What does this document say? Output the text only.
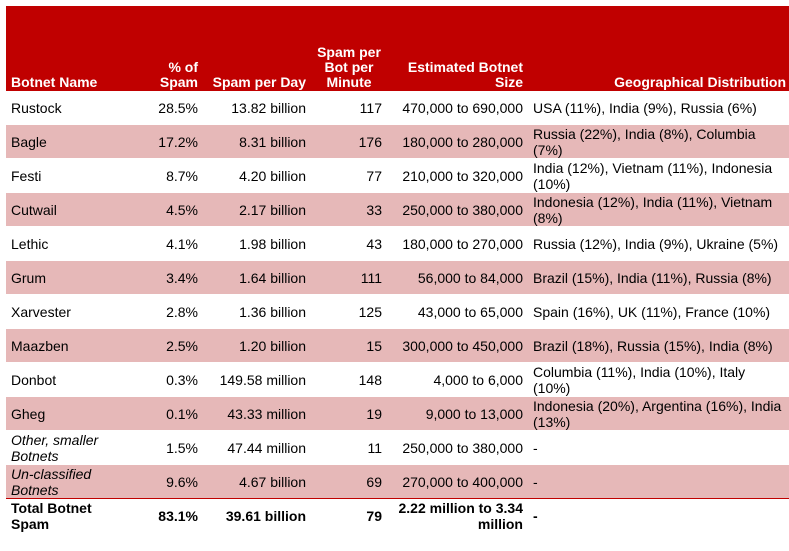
Botnet Name	% of Spam	Spam per Day	Spam per Bot per Minute	Estimated Botnet Size	Geographical Distribution
Rustock	28.5%	13.82 billion	117	470,000 to 690,000	USA (11%), India (9%), Russia (6%)
Bagle	17.2%	8.31 billion	176	180,000 to 280,000	Russia (22%), India (8%), Columbia (7%)
Festi	8.7%	4.20 billion	77	210,000 to 320,000	India (12%), Vietnam (11%), Indonesia (10%)
Cutwail	4.5%	2.17 billion	33	250,000 to 380,000	Indonesia (12%), India (11%), Vietnam (8%)
Lethic	4.1%	1.98 billion	43	180,000 to 270,000	Russia (12%), India (9%), Ukraine (5%)
Grum	3.4%	1.64 billion	111	56,000 to 84,000	Brazil (15%), India (11%), Russia (8%)
Xarvester	2.8%	1.36 billion	125	43,000 to 65,000	Spain (16%), UK (11%), France (10%)
Maazben	2.5%	1.20 billion	15	300,000 to 450,000	Brazil (18%), Russia (15%), India (8%)
Donbot	0.3%	149.58 million	148	4,000 to 6,000	Columbia (11%), India (10%), Italy (10%)
Gheg	0.1%	43.33 million	19	9,000 to 13,000	Indonesia (20%), Argentina (16%), India (13%)
Other, smaller Botnets	1.5%	47.44 million	11	250,000 to 380,000	-
Un-classified Botnets	9.6%	4.67 billion	69	270,000 to 400,000	-
Total Botnet Spam	83.1%	39.61 billion	79	2.22 million to 3.34 million	-
